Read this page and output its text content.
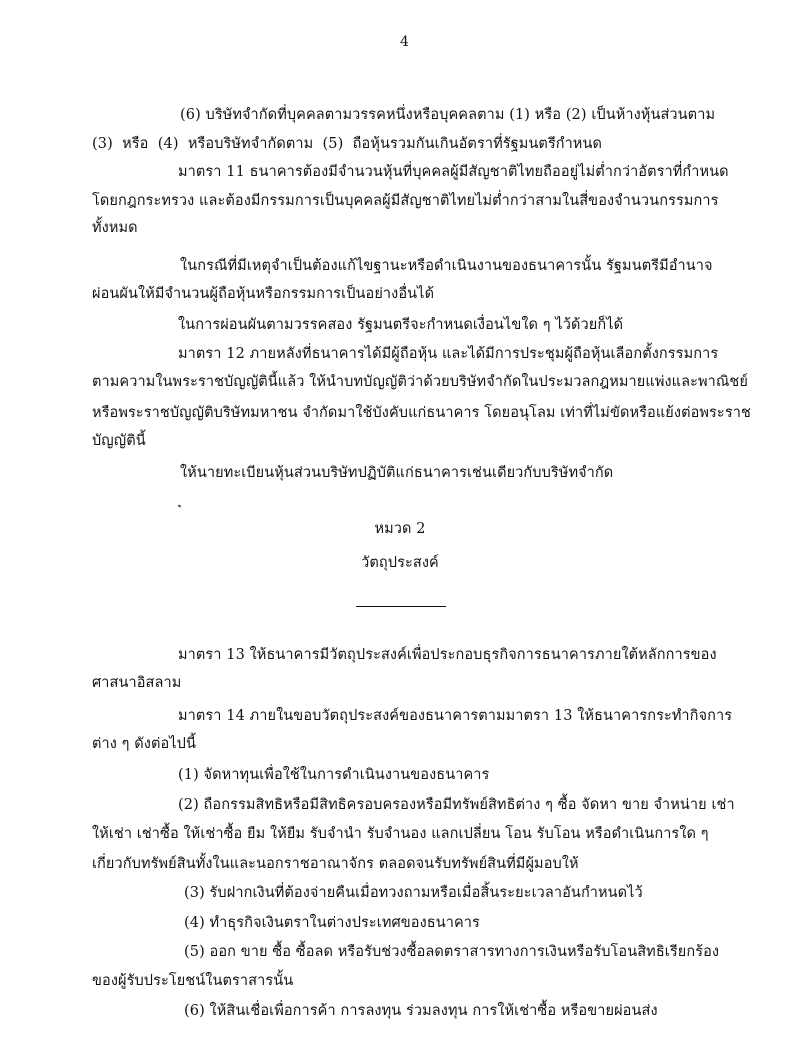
4
(6) บริษัทจำกัดที่บุคคลตามวรรคหนึ่งหรือบุคคลตาม (1) หรือ (2) เป็นห้างหุ้นส่วนตาม
(3) หรือ (4) หรือบริษัทจำกัดตาม (5) ถือหุ้นรวมกันเกินอัตราที่รัฐมนตรีกำหนด
มาตรา 11 ธนาคารต้องมีจำนวนหุ้นที่บุคคลผู้มีสัญชาติไทยถืออยู่ไม่ต่ำกว่าอัตราที่กำหนด
โดยกฎกระทรวง และต้องมีกรรมการเป็นบุคคลผู้มีสัญชาติไทยไม่ต่ำกว่าสามในสี่ของจำนวนกรรมการ
ทั้งหมด
ในกรณีที่มีเหตุจำเป็นต้องแก้ไขฐานะหรือดำเนินงานของธนาคารนั้น รัฐมนตรีมีอำนาจ
ผ่อนผันให้มีจำนวนผู้ถือหุ้นหรือกรรมการเป็นอย่างอื่นได้
ในการผ่อนผันตามวรรคสอง รัฐมนตรีจะกำหนดเงื่อนไขใด ๆ ไว้ด้วยก็ได้
มาตรา 12 ภายหลังที่ธนาคารได้มีผู้ถือหุ้น และได้มีการประชุมผู้ถือหุ้นเลือกตั้งกรรมการ
ตามความในพระราชบัญญัตินี้แล้ว ให้นำบทบัญญัติว่าด้วยบริษัทจำกัดในประมวลกฎหมายแพ่งและพาณิชย์
หรือพระราชบัญญัติบริษัทมหาชน จำกัดมาใช้บังคับแก่ธนาคาร โดยอนุโลม เท่าที่ไม่ขัดหรือแย้งต่อพระราช
บัญญัตินี้
ให้นายทะเบียนหุ้นส่วนบริษัทปฏิบัติแก่ธนาคารเช่นเดียวกับบริษัทจำกัด
หมวด 2
วัตถุประสงค์
มาตรา 13 ให้ธนาคารมีวัตถุประสงค์เพื่อประกอบธุรกิจการธนาคารภายใต้หลักการของ
ศาสนาอิสลาม
มาตรา 14 ภายในขอบวัตถุประสงค์ของธนาคารตามมาตรา 13 ให้ธนาคารกระทำกิจการ
ต่าง ๆ ดังต่อไปนี้
(1) จัดหาทุนเพื่อใช้ในการดำเนินงานของธนาคาร
(2) ถือกรรมสิทธิหรือมีสิทธิครอบครองหรือมีทรัพย์สิทธิต่าง ๆ ซื้อ จัดหา ขาย จำหน่าย เช่า
ให้เช่า เช่าซื้อ ให้เช่าซื้อ ยืม ให้ยืม รับจำนำ รับจำนอง แลกเปลี่ยน โอน รับโอน หรือดำเนินการใด ๆ
เกี่ยวกับทรัพย์สินทั้งในและนอกราชอาณาจักร ตลอดจนรับทรัพย์สินที่มีผู้มอบให้
(3) รับฝากเงินที่ต้องจ่ายคืนเมื่อทวงถามหรือเมื่อสิ้นระยะเวลาอันกำหนดไว้
(4) ทำธุรกิจเงินตราในต่างประเทศของธนาคาร
(5) ออก ขาย ซื้อ ซื้อลด หรือรับช่วงซื้อลดตราสารทางการเงินหรือรับโอนสิทธิเรียกร้อง
ของผู้รับประโยชน์ในตราสารนั้น
(6) ให้สินเชื่อเพื่อการค้า การลงทุน ร่วมลงทุน การให้เช่าซื้อ หรือขายผ่อนส่ง
